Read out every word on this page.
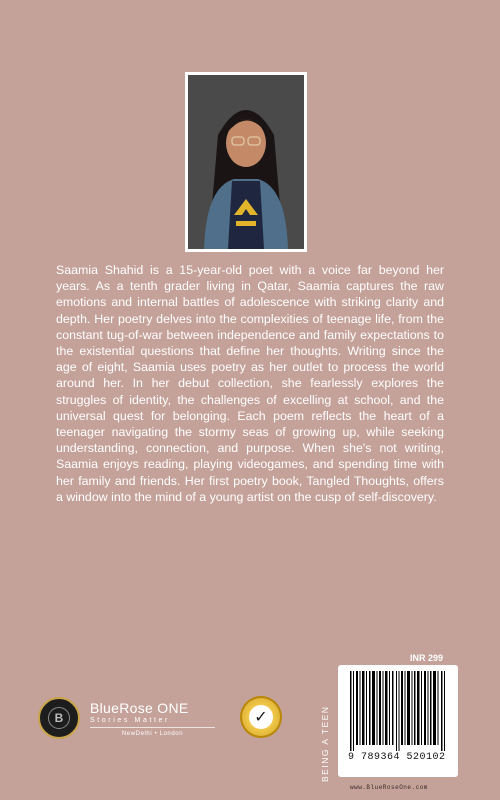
Saamia Shahid is a 15-year-old poet with a voice far beyond her years. As a tenth grader living in Qatar, Saamia captures the raw emotions and internal battles of adolescence with striking clarity and depth. Her poetry delves into the complexities of teenage life, from the constant tug-of-war between independence and family expectations to the existential questions that define her thoughts. Writing since the age of eight, Saamia uses poetry as her outlet to process the world around her. In her debut collection, she fearlessly explores the struggles of identity, the challenges of excelling at school, and the universal quest for belonging. Each poem reflects the heart of a teenager navigating the stormy seas of growing up, while seeking understanding, connection, and purpose. When she's not writing, Saamia enjoys reading, playing videogames, and spending time with her family and friends. Her first poetry book, Tangled Thoughts, offers a window into the mind of a young artist on the cusp of self-discovery.

INR 299
BEING A TEEN	9 789364 520102
www.BlueRoseOne.com
B
BlueRose ONE
Stories Matter
NewDelhi • London
✓
